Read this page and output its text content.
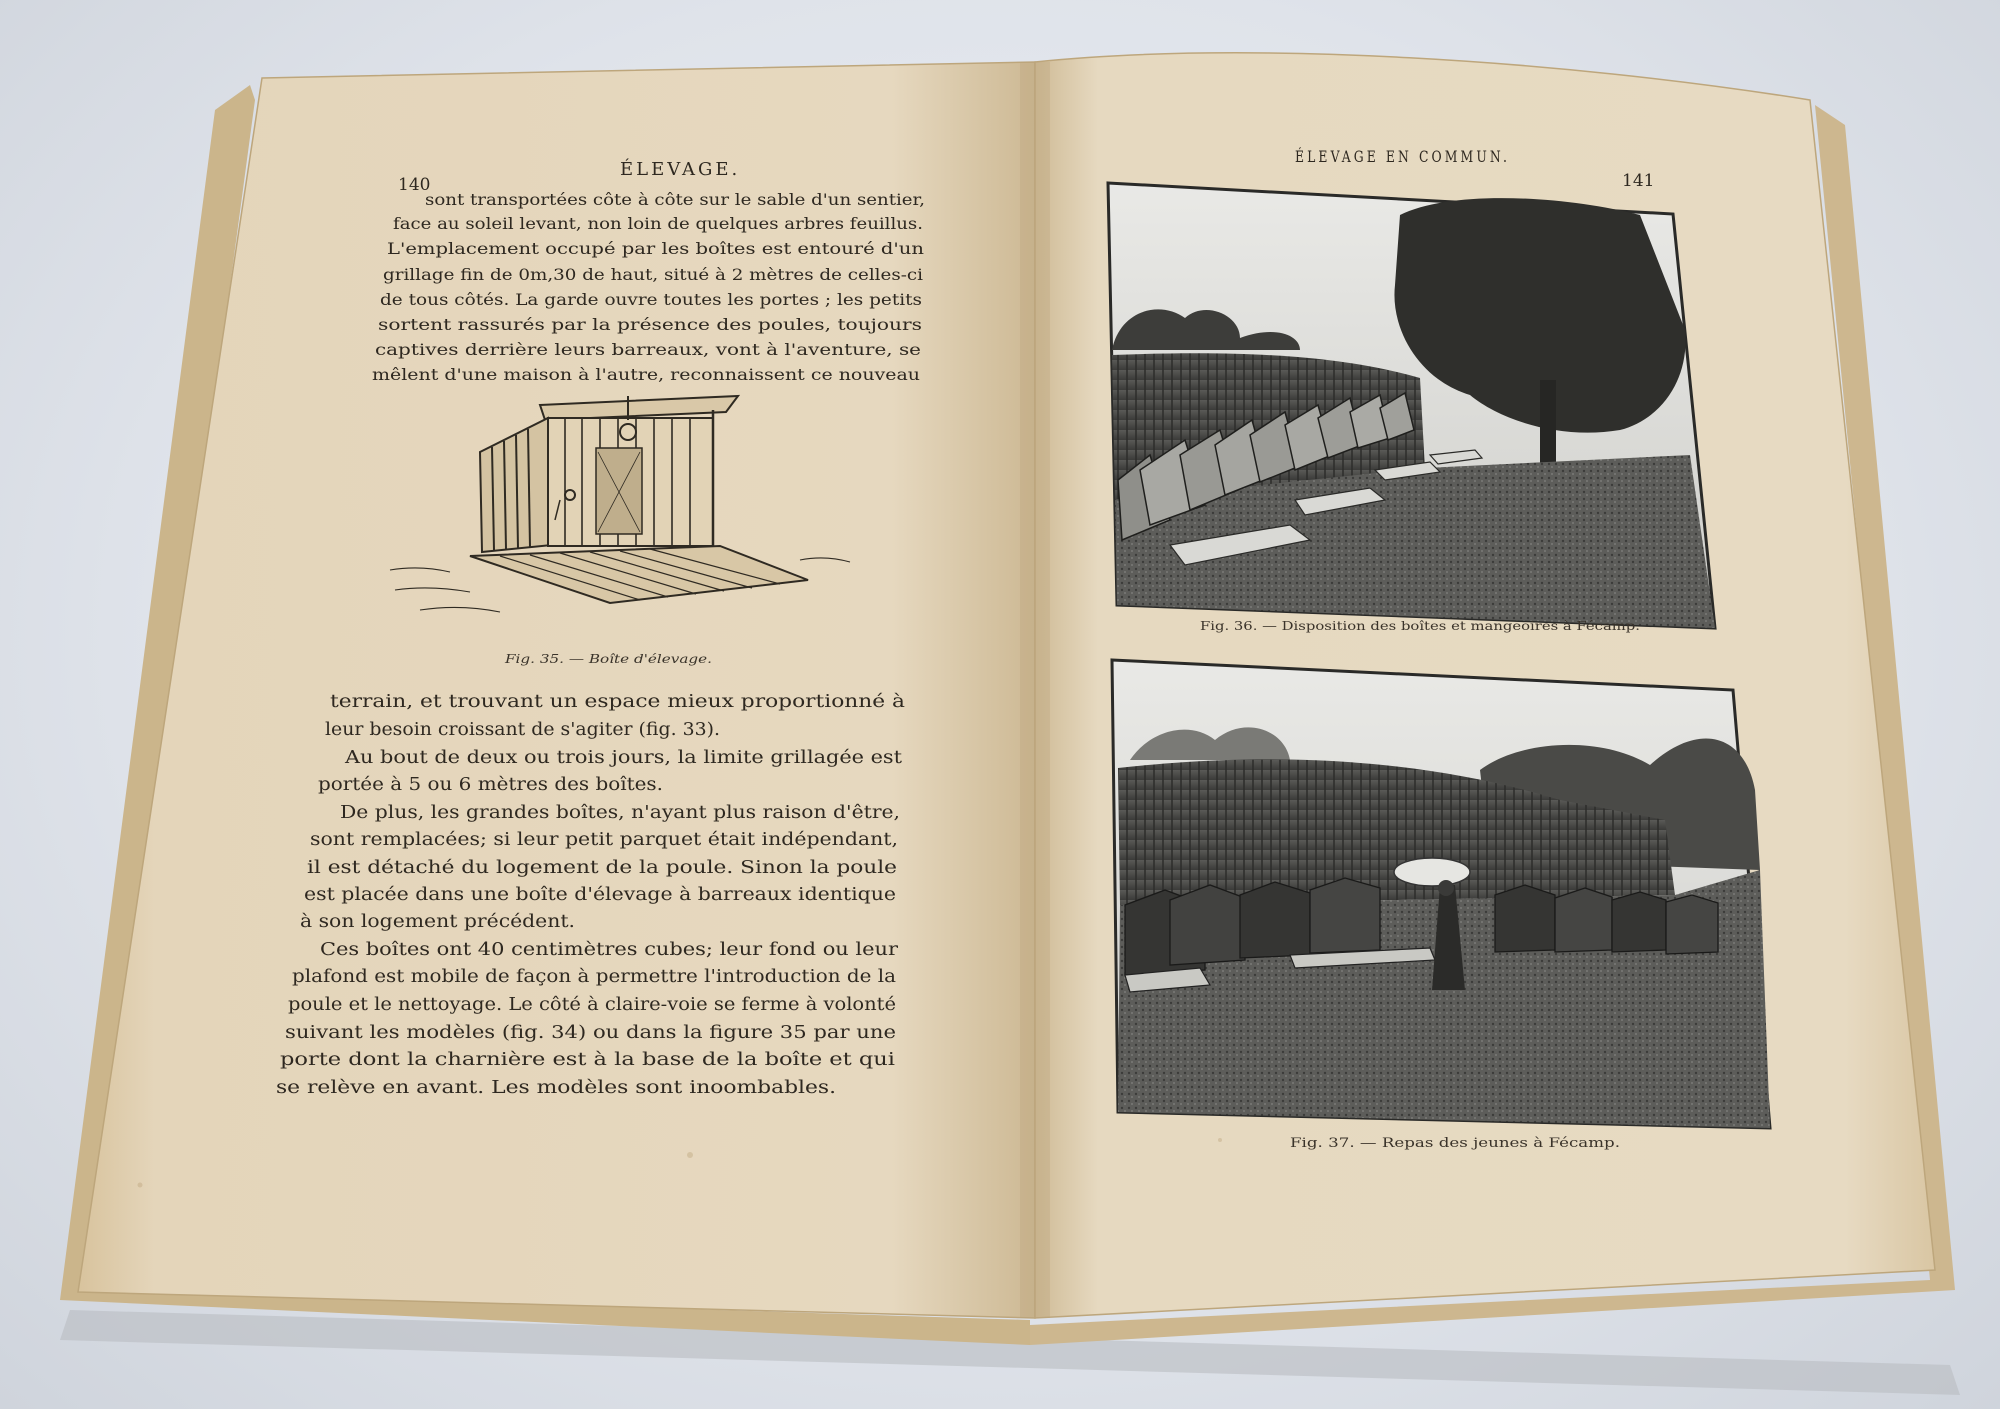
140
ÉLEVAGE.
sont transportées côte à côte sur le sable d'un sentier,
face au soleil levant, non loin de quelques arbres feuillus.
L'emplacement occupé par les boîtes est entouré d'un
grillage fin de 0m,30 de haut, situé à 2 mètres de celles-ci
de tous côtés. La garde ouvre toutes les portes ; les petits
sortent rassurés par la présence des poules, toujours
captives derrière leurs barreaux, vont à l'aventure, se
mêlent d'une maison à l'autre, reconnaissent ce nouveau
Fig. 35. — Boîte d'élevage.
terrain, et trouvant un espace mieux proportionné à
leur besoin croissant de s'agiter (fig. 33).
Au bout de deux ou trois jours, la limite grillagée est
portée à 5 ou 6 mètres des boîtes.
De plus, les grandes boîtes, n'ayant plus raison d'être,
sont remplacées; si leur petit parquet était indépendant,
il est détaché du logement de la poule. Sinon la poule
est placée dans une boîte d'élevage à barreaux identique
à son logement précédent.
Ces boîtes ont 40 centimètres cubes; leur fond ou leur
plafond est mobile de façon à permettre l'introduction de la
poule et le nettoyage. Le côté à claire-voie se ferme à volonté
suivant les modèles (fig. 34) ou dans la figure 35 par une
porte dont la charnière est à la base de la boîte et qui
se relève en avant. Les modèles sont inoombables.
ÉLEVAGE EN COMMUN.
141
Fig. 36. — Disposition des boîtes et mangeoires à Fécamp.
Fig. 37. — Repas des jeunes à Fécamp.
